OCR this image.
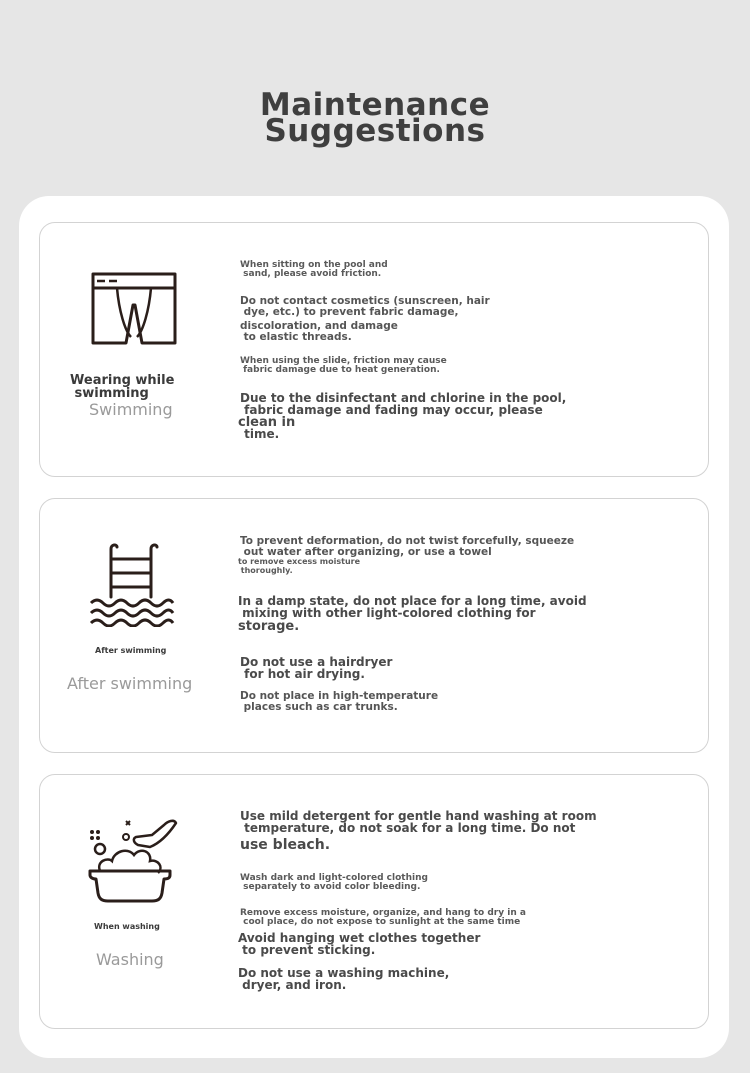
Maintenance
Suggestions
Wearing while
swimming
Swimming
When sitting on the pool and
sand, please avoid friction.
Do not contact cosmetics (sunscreen, hair
dye, etc.) to prevent fabric damage,
discoloration, and damage
to elastic threads.
When using the slide, friction may cause
fabric damage due to heat generation.
Due to the disinfectant and chlorine in the pool,
fabric damage and fading may occur, please
clean in
time.
After swimming
After swimming
To prevent deformation, do not twist forcefully, squeeze
out water after organizing, or use a towel
to remove excess moisture
thoroughly.
In a damp state, do not place for a long time, avoid
mixing with other light-colored clothing for
storage.
Do not use a hairdryer
for hot air drying.
Do not place in high-temperature
places such as car trunks.
When washing
Washing
Use mild detergent for gentle hand washing at room
temperature, do not soak for a long time. Do not
use bleach.
Wash dark and light-colored clothing
separately to avoid color bleeding.
Remove excess moisture, organize, and hang to dry in a
cool place, do not expose to sunlight at the same time
Avoid hanging wet clothes together
to prevent sticking.
Do not use a washing machine,
dryer, and iron.
